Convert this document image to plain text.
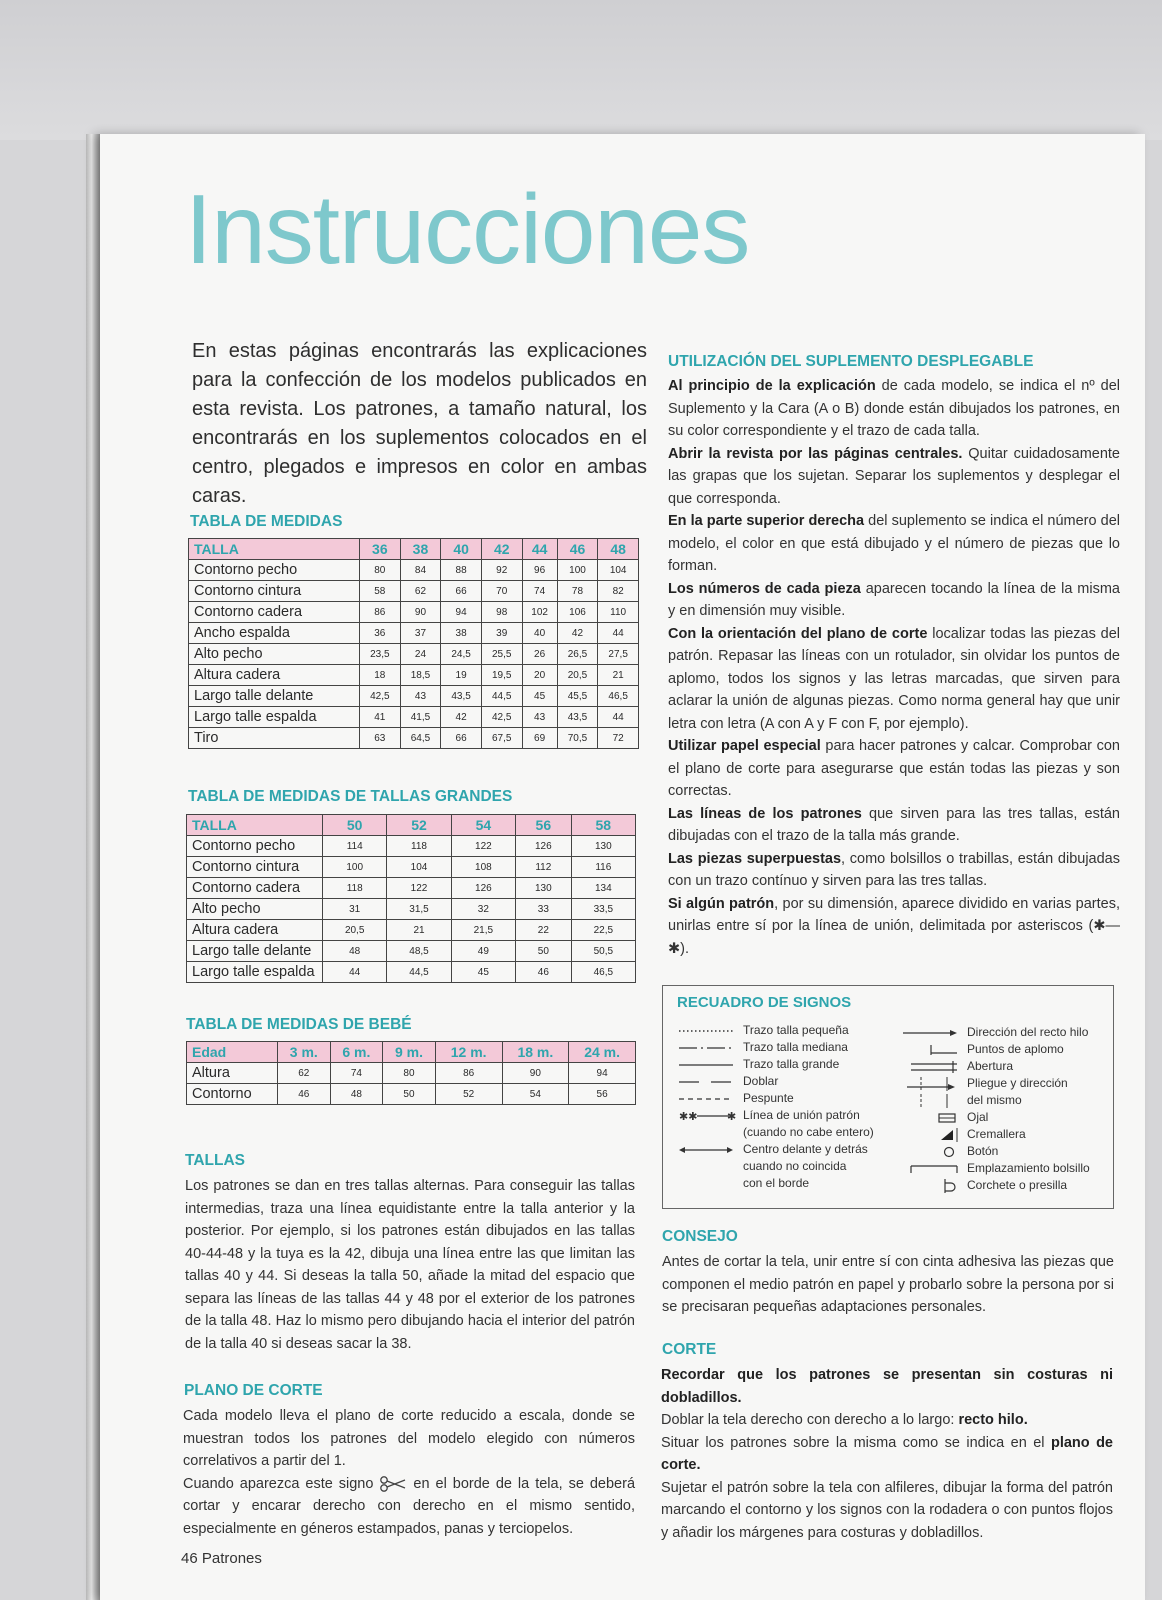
Instrucciones

En estas páginas encontrarás las explicaciones para la confección de los modelos publicados en esta revista. Los patrones, a tamaño natural, los encontrarás en los suplementos colocados en el centro, plegados e impresos en color en ambas caras.

TABLA DE MEDIDAS
TALLA	36	38	40	42	44	46	48
Contorno pecho	80	84	88	92	96	100	104
Contorno cintura	58	62	66	70	74	78	82
Contorno cadera	86	90	94	98	102	106	110
Ancho espalda	36	37	38	39	40	42	44
Alto pecho	23,5	24	24,5	25,5	26	26,5	27,5
Altura cadera	18	18,5	19	19,5	20	20,5	21
Largo talle delante	42,5	43	43,5	44,5	45	45,5	46,5
Largo talle espalda	41	41,5	42	42,5	43	43,5	44
Tiro	63	64,5	66	67,5	69	70,5	72
TABLA DE MEDIDAS DE TALLAS GRANDES
TALLA	50	52	54	56	58
Contorno pecho	114	118	122	126	130
Contorno cintura	100	104	108	112	116
Contorno cadera	118	122	126	130	134
Alto pecho	31	31,5	32	33	33,5
Altura cadera	20,5	21	21,5	22	22,5
Largo talle delante	48	48,5	49	50	50,5
Largo talle espalda	44	44,5	45	46	46,5
TABLA DE MEDIDAS DE BEBÉ
Edad	3 m.	6 m.	9 m.	12 m.	18 m.	24 m.
Altura	62	74	80	86	90	94
Contorno	46	48	50	52	54	56
TALLAS

Los patrones se dan en tres tallas alternas. Para conseguir las tallas intermedias, traza una línea equidistante entre la talla anterior y la posterior. Por ejemplo, si los patrones están dibujados en las tallas 40-44-48 y la tuya es la 42, dibuja una línea entre las que limitan las tallas 40 y 44. Si deseas la talla 50, añade la mitad del espacio que separa las líneas de las tallas 44 y 48 por el exterior de los patrones de la talla 48. Haz lo mismo pero dibujando hacia el interior del patrón de la talla 40 si deseas sacar la 38.

PLANO DE CORTE

Cada modelo lleva el plano de corte reducido a escala, donde se muestran todos los patrones del modelo elegido con números correlativos a partir del 1.

Cuando aparezca este signo	en el borde de la tela, se deberá cortar y encarar derecho con derecho en el mismo sentido, especialmente en géneros estampados, panas y terciopelos.

46 Patrones
UTILIZACIÓN DEL SUPLEMENTO DESPLEGABLE

Al principio de la explicación de cada modelo, se indica el nº del Suplemento y la Cara (A o B) donde están dibujados los patrones, en su color correspondiente y el trazo de cada talla.

Abrir la revista por las páginas centrales. Quitar cuidadosamente las grapas que los sujetan. Separar los suplementos y desplegar el que corresponda.

En la parte superior derecha del suplemento se indica el número del modelo, el color en que está dibujado y el número de piezas que lo forman.

Los números de cada pieza aparecen tocando la línea de la misma y en dimensión muy visible.

Con la orientación del plano de corte localizar todas las piezas del patrón. Repasar las líneas con un rotulador, sin olvidar los puntos de aplomo, todos los signos y las letras marcadas, que sirven para aclarar la unión de algunas piezas. Como norma general hay que unir letra con letra (A con A y F con F, por ejemplo).

Utilizar papel especial para hacer patrones y calcar. Comprobar con el plano de corte para asegurarse que están todas las piezas y son correctas.

Las líneas de los patrones que sirven para las tres tallas, están dibujadas con el trazo de la talla más grande.

Las piezas superpuestas, como bolsillos o trabillas, están dibujadas con un trazo contínuo y sirven para las tres tallas.

Si algún patrón, por su dimensión, aparece dividido en varias partes, unirlas entre sí por la línea de unión, delimitada por asteriscos (✱—✱).

RECUADRO DE SIGNOS
Trazo talla pequeña
Trazo talla mediana
Trazo talla grande
Doblar
Pespunte
✱✱	✱ Línea de unión patrón
(cuando no cabe entero)
Centro delante y detrás
cuando no coincida
con el borde
Dirección del recto hilo
Puntos de aplomo
Abertura
Pliegue y dirección
del mismo
Ojal
Cremallera
Botón
Emplazamiento bolsillo
Corchete o presilla
CONSEJO

Antes de cortar la tela, unir entre sí con cinta adhesiva las piezas que componen el medio patrón en papel y probarlo sobre la persona por si se precisaran pequeñas adaptaciones personales.

CORTE

Recordar que los patrones se presentan sin costuras ni dobladillos.

Doblar la tela derecho con derecho a lo largo: recto hilo.

Situar los patrones sobre la misma como se indica en el plano de corte.

Sujetar el patrón sobre la tela con alfileres, dibujar la forma del patrón marcando el contorno y los signos con la rodadera o con puntos flojos y añadir los márgenes para costuras y dobladillos.
